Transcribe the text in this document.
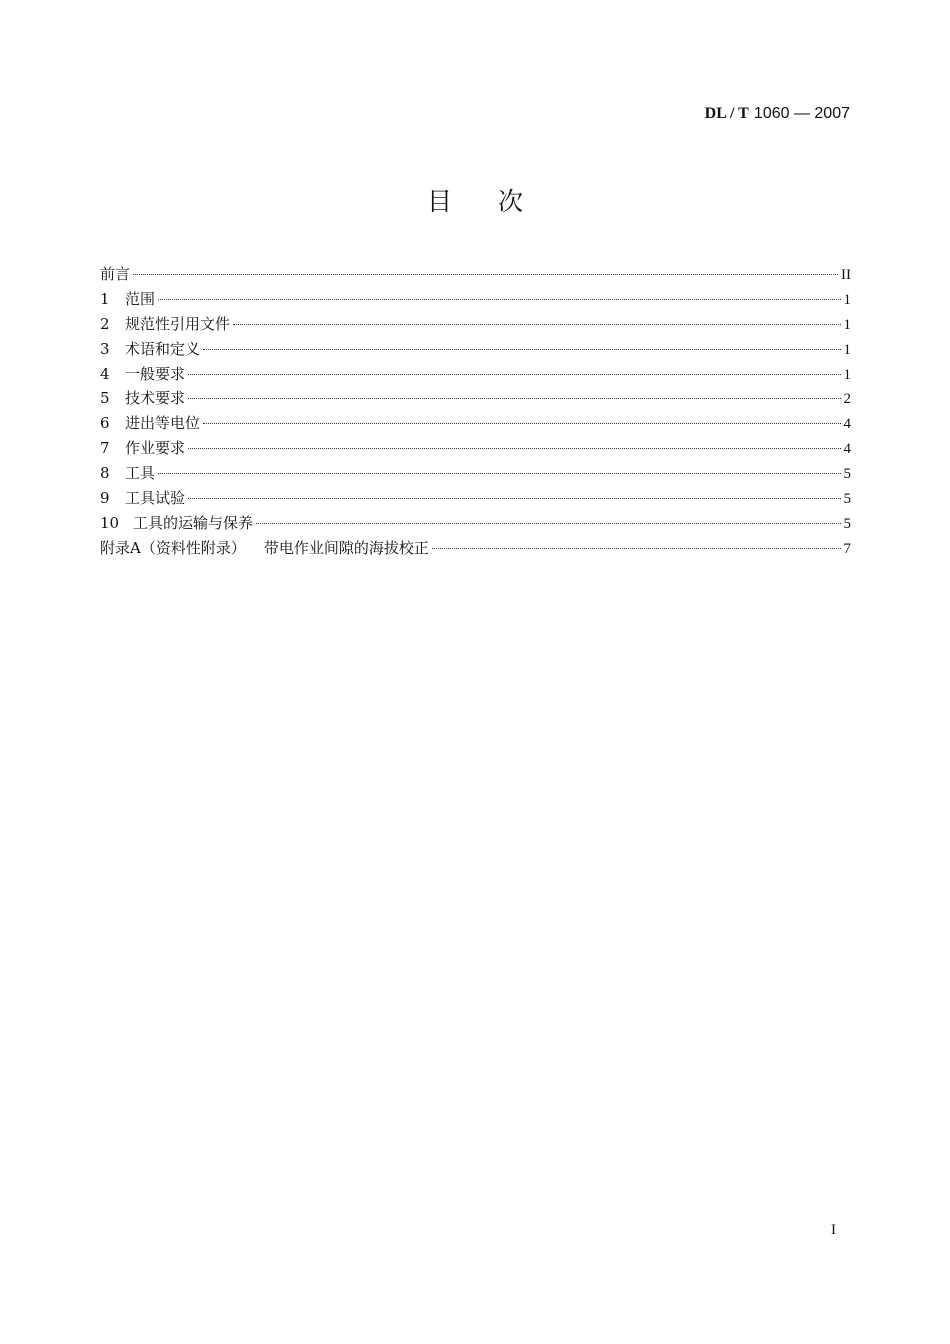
DL / T 1060 — 2007
目次
前言	II
1	范围	1
2	规范性引用文件	1
3	术语和定义	1
4	一般要求	1
5	技术要求	2
6	进出等电位	4
7	作业要求	4
8	工具	5
9	工具试验	5
10 工具的运输与保养	5
附录A（资料性附录） 带电作业间隙的海拔校正	7
I
